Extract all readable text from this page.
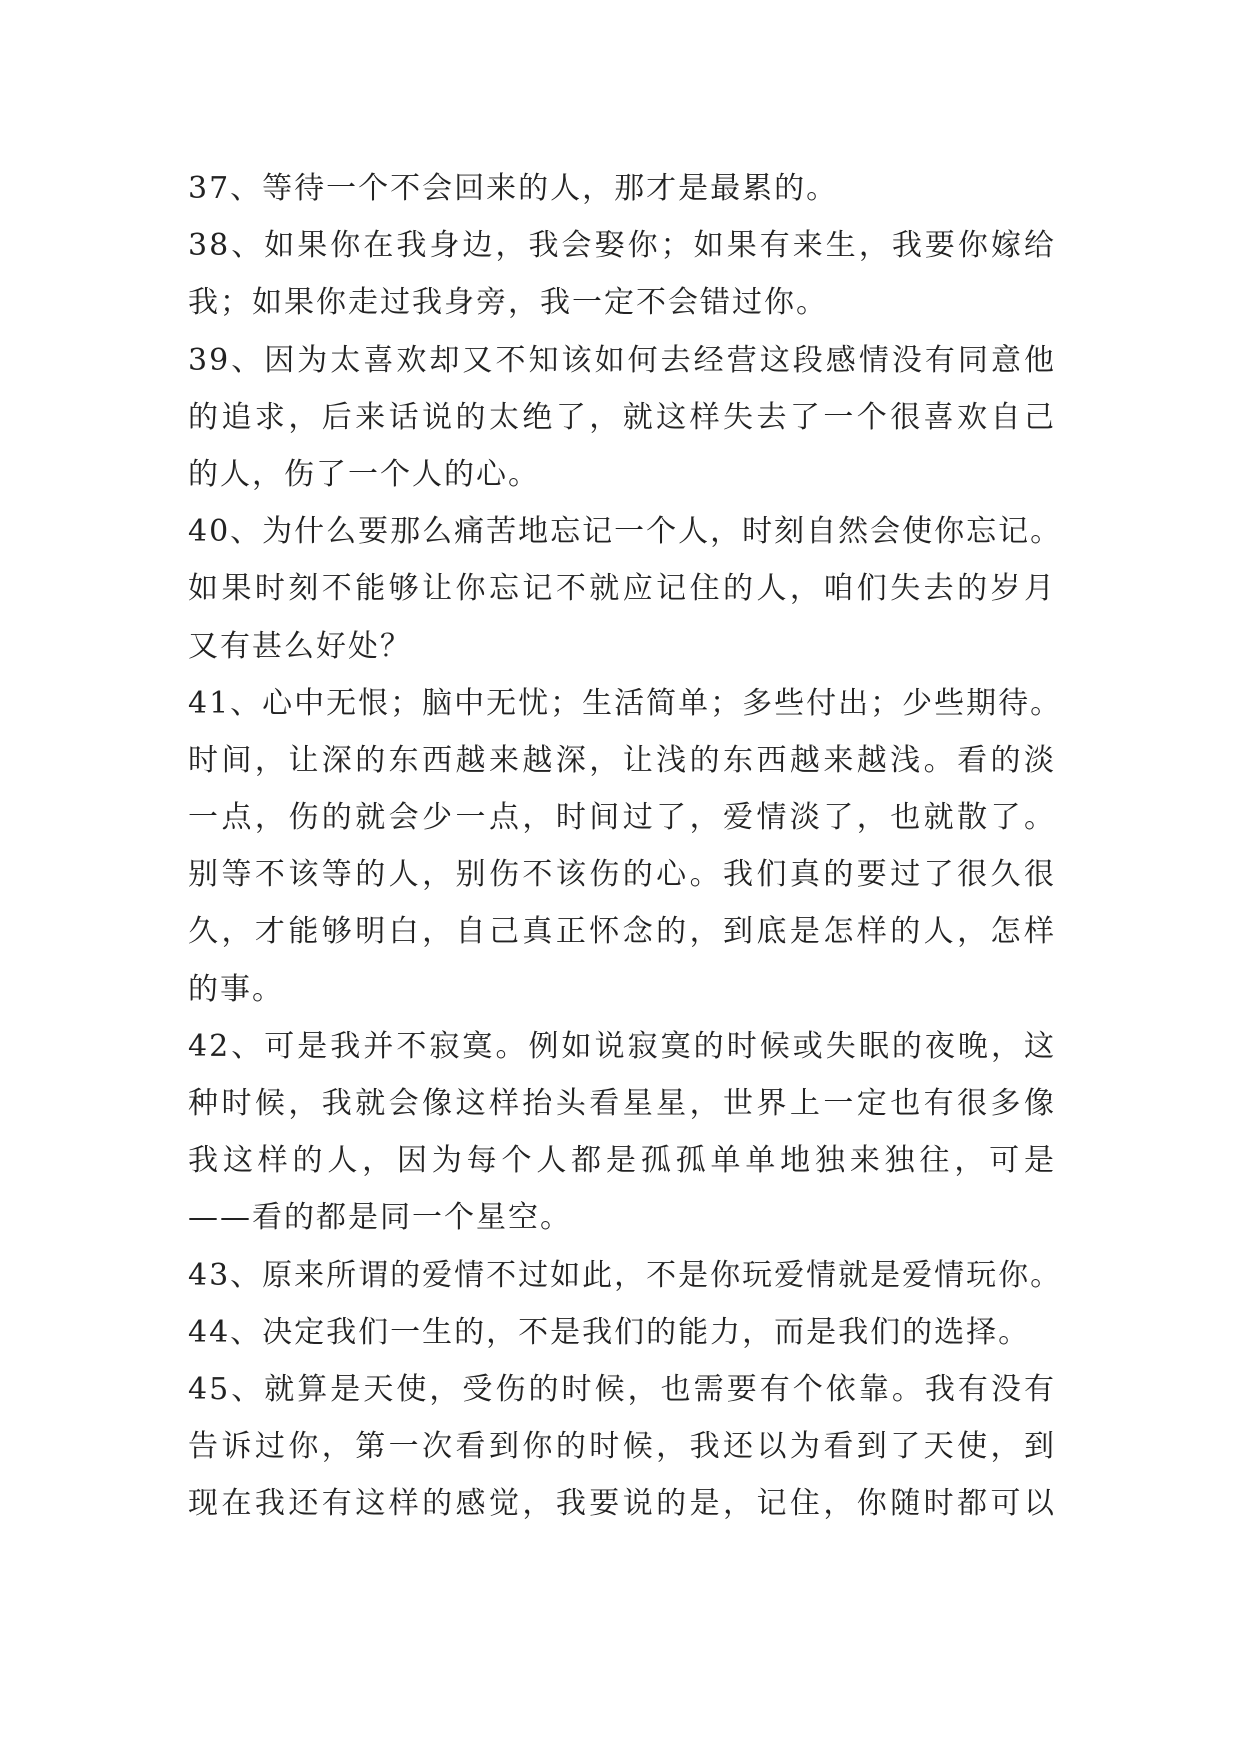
37、等待一个不会回来的人，那才是最累的。
38、如果你在我身边，我会娶你；如果有来生，我要你嫁给
我；如果你走过我身旁，我一定不会错过你。
39、因为太喜欢却又不知该如何去经营这段感情没有同意他
的追求，后来话说的太绝了，就这样失去了一个很喜欢自己
的人，伤了一个人的心。
40、为什么要那么痛苦地忘记一个人，时刻自然会使你忘记。
如果时刻不能够让你忘记不就应记住的人，咱们失去的岁月
又有甚么好处？
41、心中无恨；脑中无忧；生活简单；多些付出；少些期待。
时间，让深的东西越来越深，让浅的东西越来越浅。看的淡
一点，伤的就会少一点，时间过了，爱情淡了，也就散了。
别等不该等的人，别伤不该伤的心。我们真的要过了很久很
久，才能够明白，自己真正怀念的，到底是怎样的人，怎样
的事。
42、可是我并不寂寞。例如说寂寞的时候或失眠的夜晚，这
种时候，我就会像这样抬头看星星，世界上一定也有很多像
我这样的人，因为每个人都是孤孤单单地独来独往，可是
——看的都是同一个星空。
43、原来所谓的爱情不过如此，不是你玩爱情就是爱情玩你。
44、决定我们一生的，不是我们的能力，而是我们的选择。
45、就算是天使，受伤的时候，也需要有个依靠。我有没有
告诉过你，第一次看到你的时候，我还以为看到了天使，到
现在我还有这样的感觉，我要说的是，记住，你随时都可以
